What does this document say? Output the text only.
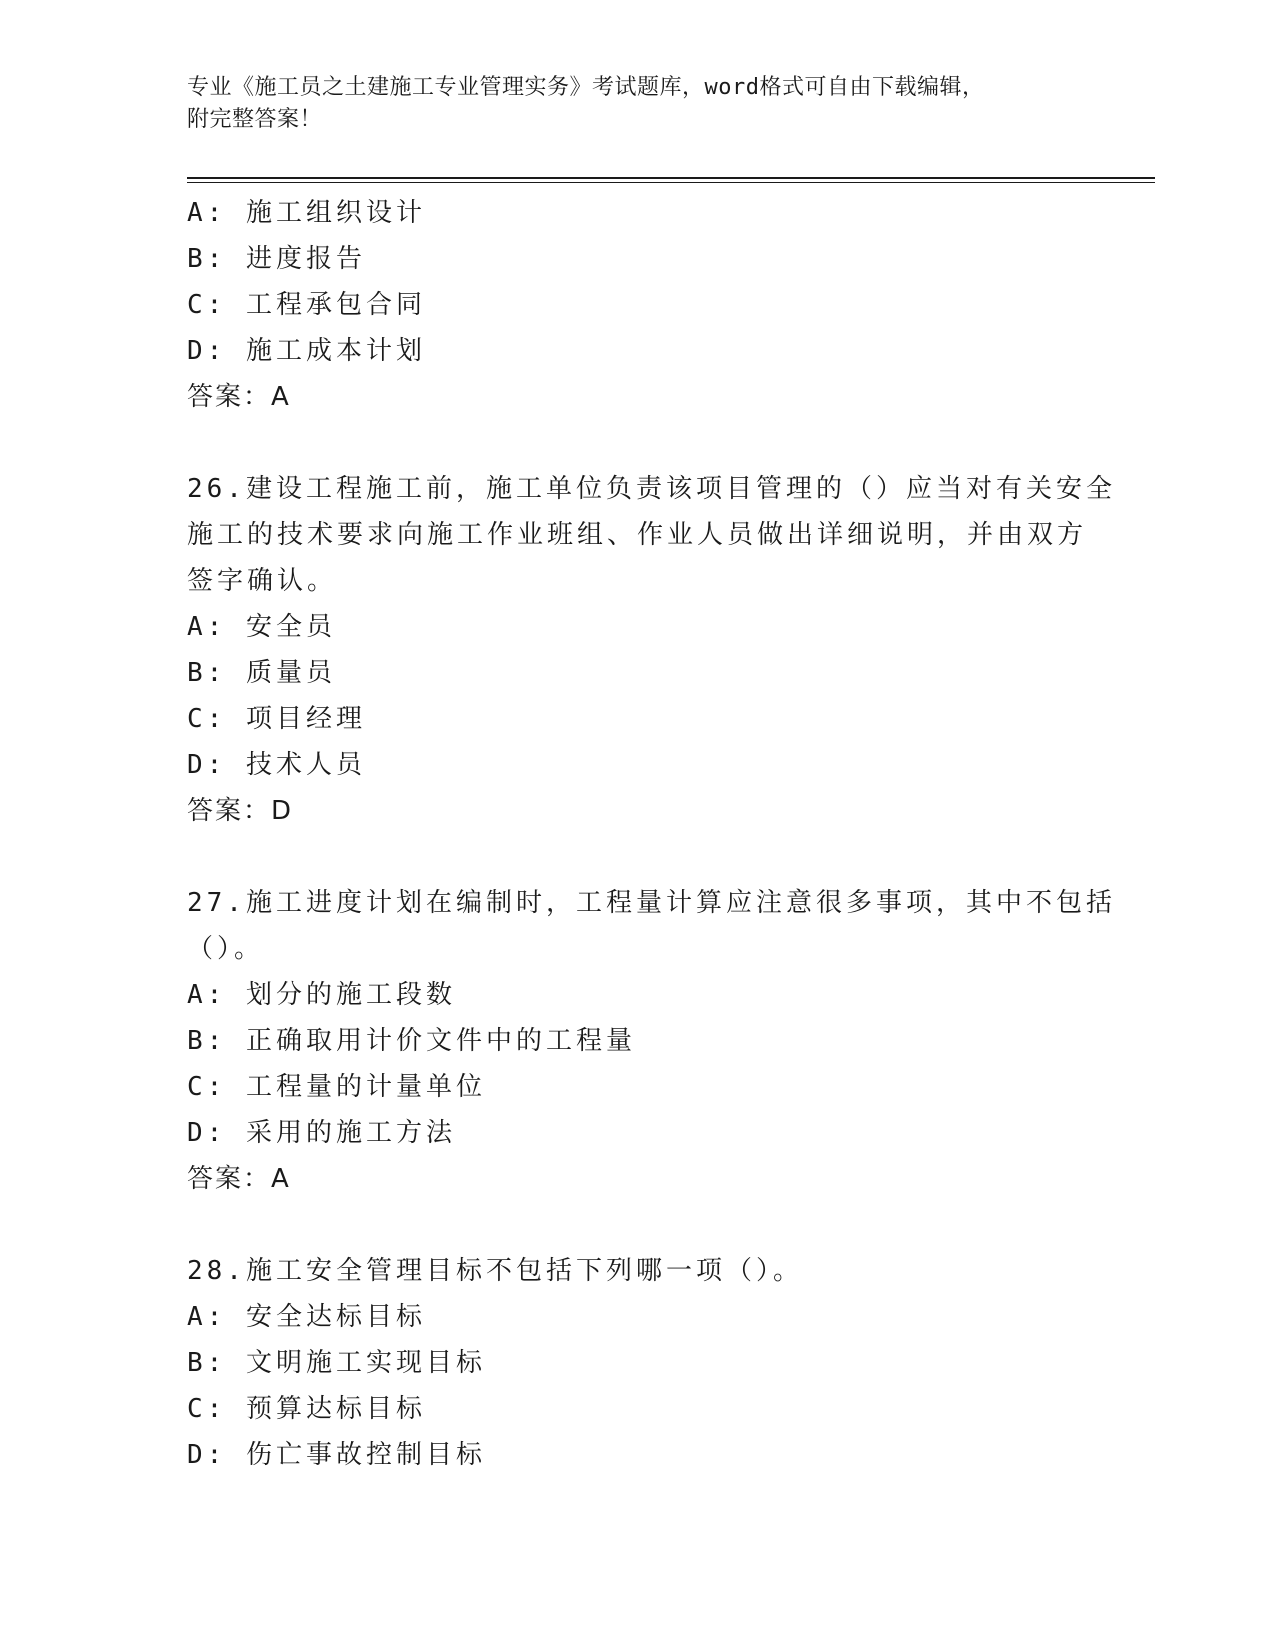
专业《施工员之土建施工专业管理实务》考试题库，word格式可自由下载编辑，
附完整答案！
A: 施工组织设计
B: 进度报告
C: 工程承包合同
D: 施工成本计划
答案：A
26.建设工程施工前，施工单位负责该项目管理的（）应当对有关安全
施工的技术要求向施工作业班组、作业人员做出详细说明，并由双方
签字确认。
A: 安全员
B: 质量员
C: 项目经理
D: 技术人员
答案：D
27.施工进度计划在编制时，工程量计算应注意很多事项，其中不包括
（）。
A: 划分的施工段数
B: 正确取用计价文件中的工程量
C: 工程量的计量单位
D: 采用的施工方法
答案：A
28.施工安全管理目标不包括下列哪一项（）。
A: 安全达标目标
B: 文明施工实现目标
C: 预算达标目标
D: 伤亡事故控制目标
